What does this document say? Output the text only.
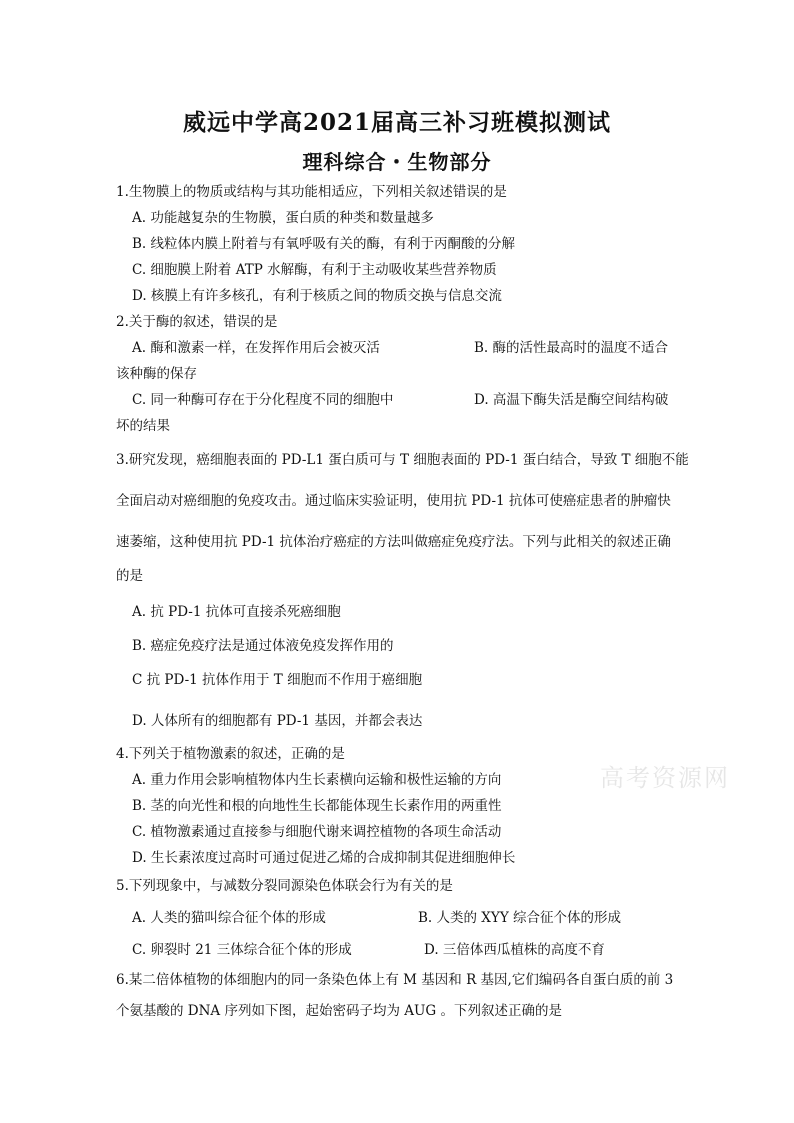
威远中学高2021届高三补习班模拟测试
理科综合・生物部分
1.生物膜上的物质或结构与其功能相适应，下列相关叙述错误的是
A. 功能越复杂的生物膜，蛋白质的种类和数量越多
B. 线粒体内膜上附着与有氧呼吸有关的酶，有利于丙酮酸的分解
C. 细胞膜上附着 ATP 水解酶，有利于主动吸收某些营养物质
D. 核膜上有许多核孔，有利于核质之间的物质交换与信息交流
2.关于酶的叙述，错误的是
A. 酶和激素一样，在发挥作用后会被灭活	B. 酶的活性最高时的温度不适合
该种酶的保存
C. 同一种酶可存在于分化程度不同的细胞中	D. 高温下酶失活是酶空间结构破
坏的结果
3.研究发现，癌细胞表面的 PD-L1 蛋白质可与 T 细胞表面的 PD-1 蛋白结合，导致 T 细胞不能
全面启动对癌细胞的免疫攻击。通过临床实验证明，使用抗 PD-1 抗体可使癌症患者的肿瘤快
速萎缩，这种使用抗 PD-1 抗体治疗癌症的方法叫做癌症免疫疗法。下列与此相关的叙述正确
的是
A. 抗 PD-1 抗体可直接杀死癌细胞
B. 癌症免疫疗法是通过体液免疫发挥作用的
C 抗 PD-1 抗体作用于 T 细胞而不作用于癌细胞
D. 人体所有的细胞都有 PD-1 基因，并都会表达
4.下列关于植物激素的叙述，正确的是
A. 重力作用会影响植物体内生长素横向运输和极性运输的方向
B. 茎的向光性和根的向地性生长都能体现生长素作用的两重性
C. 植物激素通过直接参与细胞代谢来调控植物的各项生命活动
D. 生长素浓度过高时可通过促进乙烯的合成抑制其促进细胞伸长
5.下列现象中，与减数分裂同源染色体联会行为有关的是
A. 人类的猫叫综合征个体的形成	B. 人类的 XYY 综合征个体的形成
C. 卵裂时 21 三体综合征个体的形成	D. 三倍体西瓜植株的高度不育
6.某二倍体植物的体细胞内的同一条染色体上有 M 基因和 R 基因,它们编码各自蛋白质的前 3
个氨基酸的 DNA 序列如下图，起始密码子均为 AUG 。下列叙述正确的是
高考资源网
